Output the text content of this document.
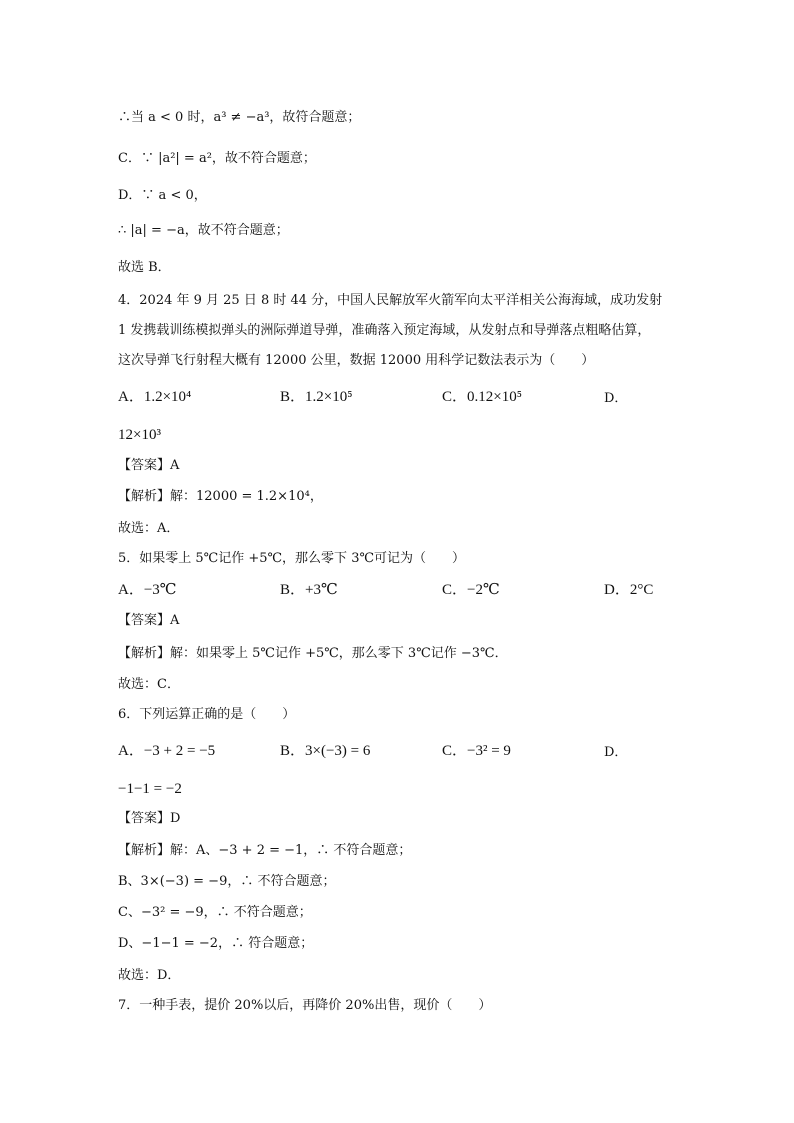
∴当 a < 0 时，a³ ≠ −a³，故符合题意；
C．∵ |a²| = a²，故不符合题意；
D．∵ a < 0，
∴ |a| = −a，故不符合题意；
故选 B．
4．2024 年 9 月 25 日 8 时 44 分，中国人民解放军火箭军向太平洋相关公海海域，成功发射
1 发携载训练模拟弹头的洲际弹道导弹，准确落入预定海域，从发射点和导弹落点粗略估算，
这次导弹飞行射程大概有 12000 公里，数据 12000 用科学记数法表示为（　　）
A．1.2×10⁴	B．1.2×10⁵	C．0.12×10⁵	D．
12×10³
【答案】A
【解析】解：12000 = 1.2×10⁴，
故选：A．
5．如果零上 5℃记作 +5℃，那么零下 3℃可记为（　　）
A．−3℃	B．+3℃	C．−2℃	D．2°C
【答案】A
【解析】解：如果零上 5℃记作 +5℃，那么零下 3℃记作 −3℃．
故选：C．
6．下列运算正确的是（　　）
A．−3 + 2 = −5	B．3×(−3) = 6	C．−3² = 9	D．
−1−1 = −2
【答案】D
【解析】解：A、−3 + 2 = −1，∴ 不符合题意；
B、3×(−3) = −9，∴ 不符合题意；
C、−3² = −9，∴ 不符合题意；
D、−1−1 = −2，∴ 符合题意；
故选：D．
7．一种手表，提价 20%以后，再降价 20%出售，现价（　　）
